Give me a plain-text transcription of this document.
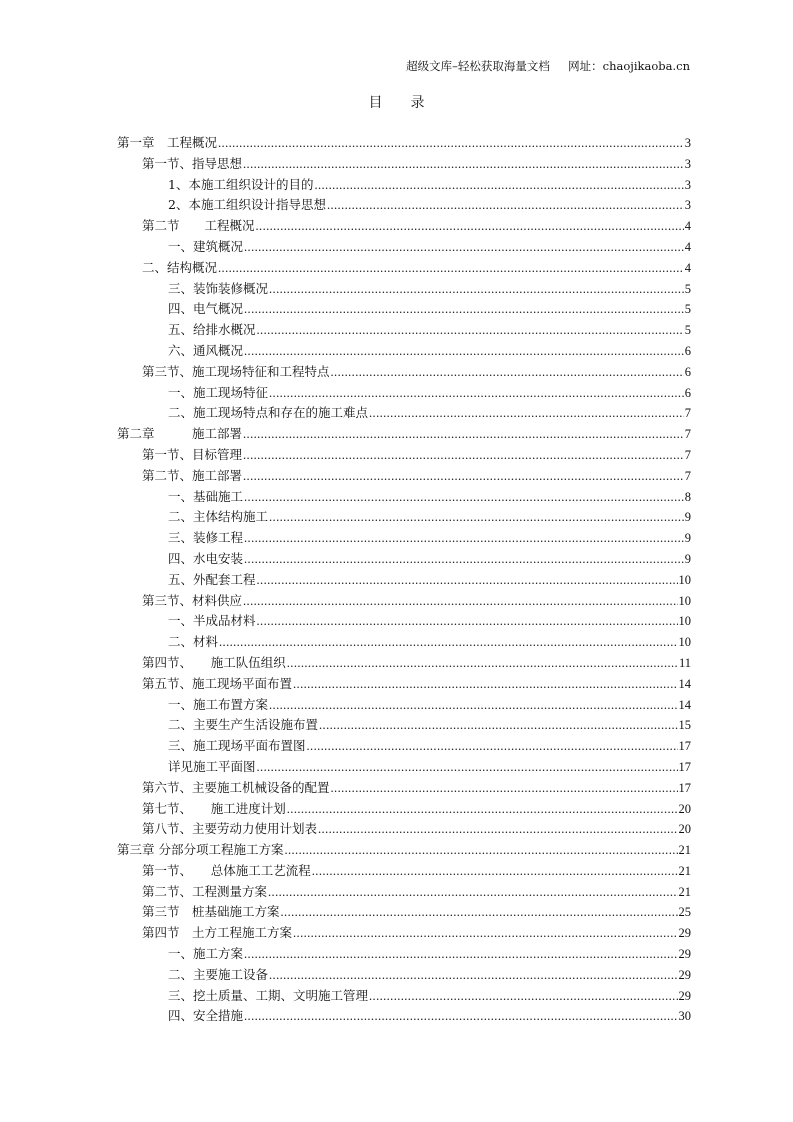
超级文库–轻松获取海量文档 网址：chaojikaoba.cn
目　　录
第一章　工程概况 .....	3
第一节、指导思想 .....	3
1、本施工组织设计的目的 .....	3
2、本施工组织设计指导思想 .....	3
第二节　　工程概况 .....	4
一、建筑概况 .....	4
二、结构概况 .....	4
三、装饰装修概况 .....	5
四、电气概况 .....	5
五、给排水概况 .....	5
六、通风概况 .....	6
第三节、施工现场特征和工程特点 .....	6
一、施工现场特征 .....	6
二、施工现场特点和存在的施工难点 .....	7
第二章　　　施工部署 .....	7
第一节、目标管理 .....	7
第二节、施工部署 .....	7
一、基础施工 .....	8
二、主体结构施工 .....	9
三、装修工程 .....	9
四、水电安装 .....	9
五、外配套工程 .....	10
第三节、材料供应 .....	10
一、半成品材料 .....	10
二、材料 .....	10
第四节、　　施工队伍组织 .....	11
第五节、施工现场平面布置 .....	14
一、施工布置方案 .....	14
二、主要生产生活设施布置 .....	15
三、施工现场平面布置图 .....	17
详见施工平面图 .....	17
第六节、主要施工机械设备的配置 .....	17
第七节、　　施工进度计划 .....	20
第八节、主要劳动力使用计划表 .....	20
第三章 分部分项工程施工方案 .....	21
第一节、　　总体施工工艺流程 .....	21
第二节、工程测量方案 .....	21
第三节　桩基础施工方案 .....	25
第四节　土方工程施工方案 .....	29
一、施工方案 .....	29
二、主要施工设备 .....	29
三、挖土质量、工期、文明施工管理 .....	29
四、安全措施 .....	30
